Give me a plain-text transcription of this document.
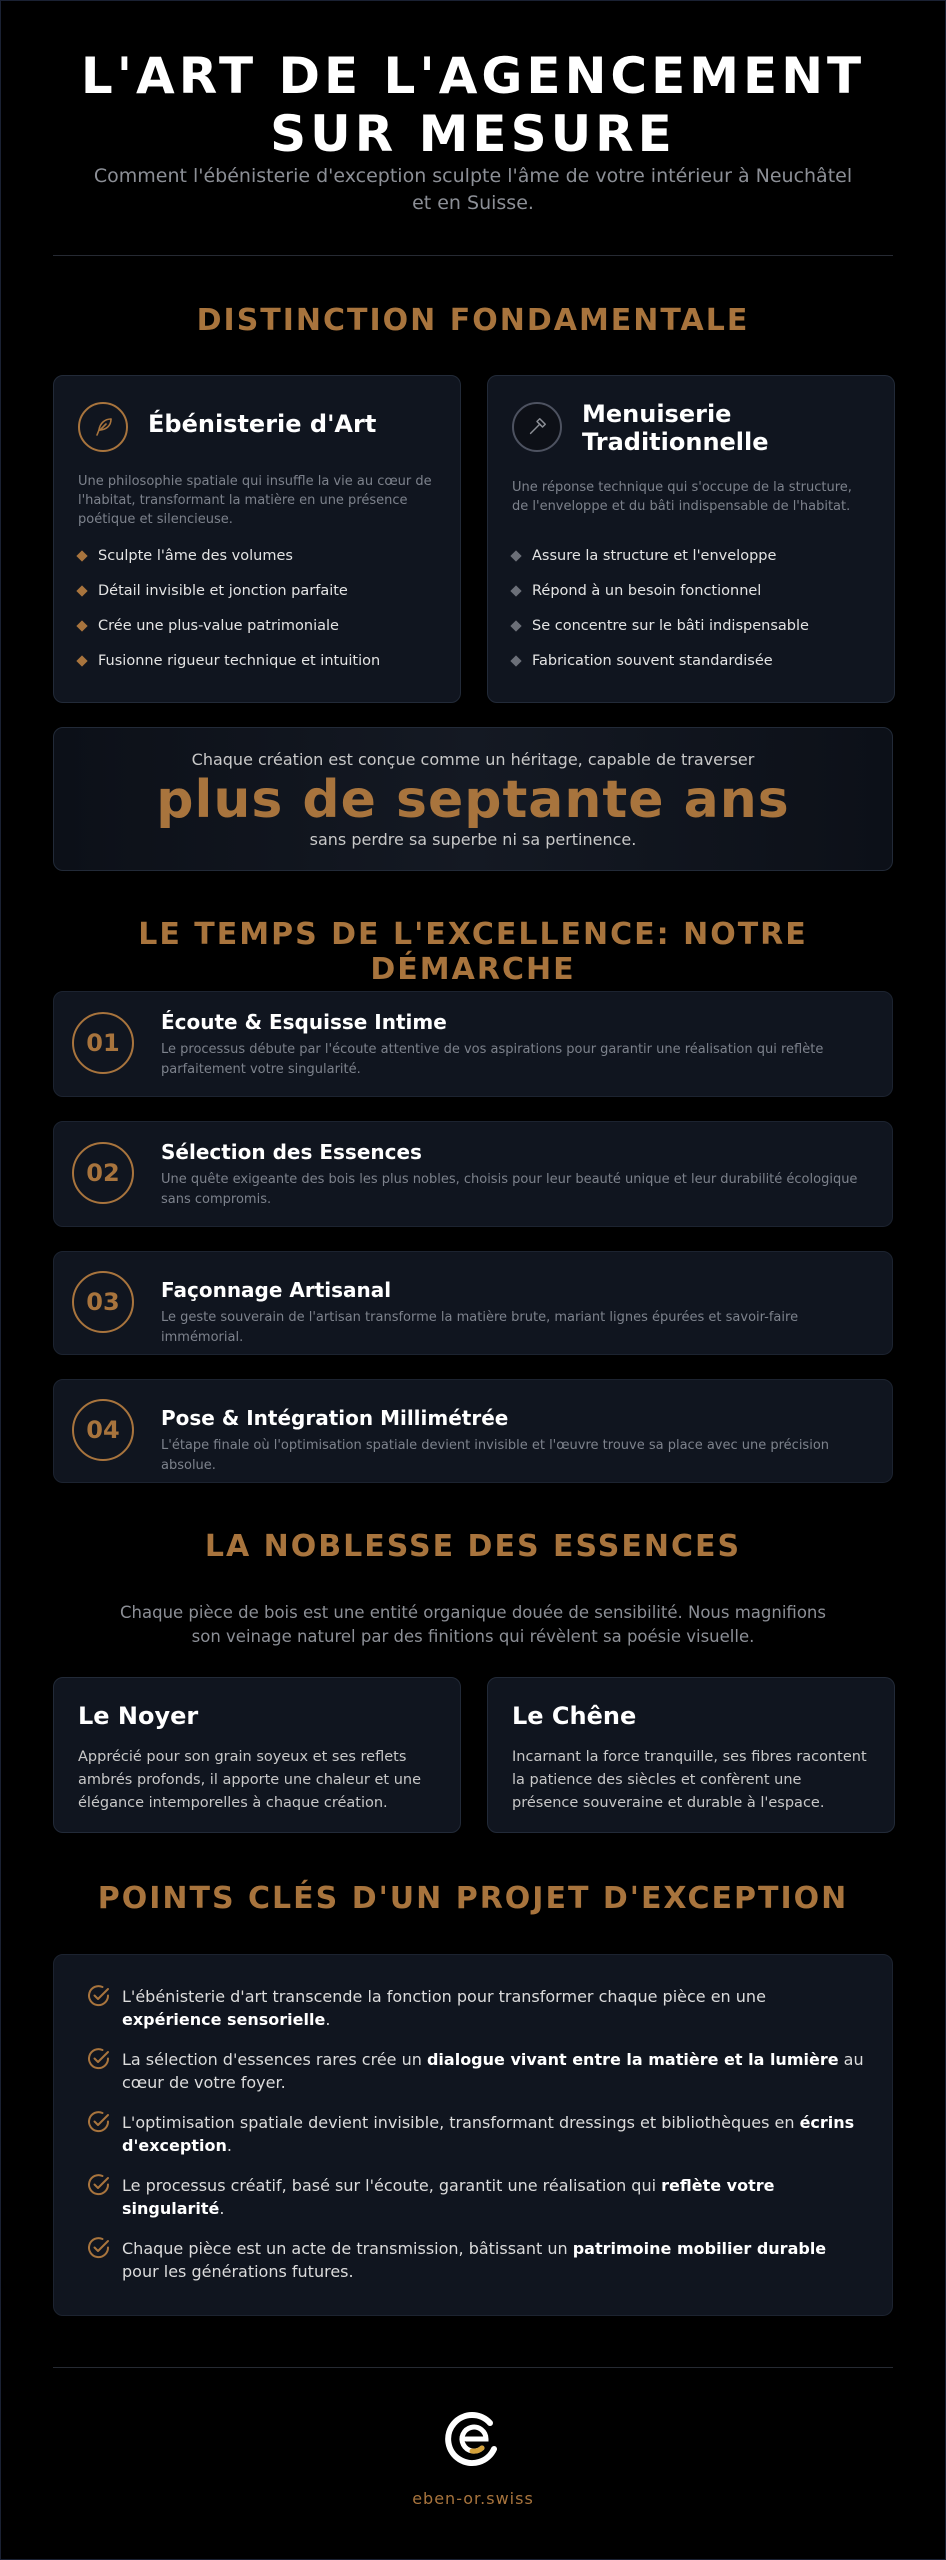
L'ART DE L'AGENCEMENT
SUR MESURE
Comment l'ébénisterie d'exception sculpte l'âme de votre intérieur à Neuchâtel et en Suisse.
DISTINCTION FONDAMENTALE
Ébénisterie d'Art
Une philosophie spatiale qui insuffle la vie au cœur de l'habitat, transformant la matière en une présence poétique et silencieuse.
Sculpte l'âme des volumes
Détail invisible et jonction parfaite
Crée une plus-value patrimoniale
Fusionne rigueur technique et intuition
Menuiserie
Traditionnelle
Une réponse technique qui s'occupe de la structure, de l'enveloppe et du bâti indispensable de l'habitat.
Assure la structure et l'enveloppe
Répond à un besoin fonctionnel
Se concentre sur le bâti indispensable
Fabrication souvent standardisée
Chaque création est conçue comme un héritage, capable de traverser
plus de septante ans
sans perdre sa superbe ni sa pertinence.
LE TEMPS DE L'EXCELLENCE: NOTRE DÉMARCHE
01
Écoute & Esquisse Intime
Le processus débute par l'écoute attentive de vos aspirations pour garantir une réalisation qui reflète parfaitement votre singularité.
02
Sélection des Essences
Une quête exigeante des bois les plus nobles, choisis pour leur beauté unique et leur durabilité écologique sans compromis.
03	Façonnage Artisanal
Le geste souverain de l'artisan transforme la matière brute, mariant lignes épurées et savoir-faire immémorial.
04	Pose & Intégration Millimétrée
L'étape finale où l'optimisation spatiale devient invisible et l'œuvre trouve sa place avec une précision absolue.
LA NOBLESSE DES ESSENCES
Chaque pièce de bois est une entité organique douée de sensibilité. Nous magnifions son veinage naturel par des finitions qui révèlent sa poésie visuelle.
Le Noyer

Apprécié pour son grain soyeux et ses reflets ambrés profonds, il apporte une chaleur et une élégance intemporelles à chaque création.

Le Chêne

Incarnant la force tranquille, ses fibres racontent la patience des siècles et confèrent une présence souveraine et durable à l'espace.

POINTS CLÉS D'UN PROJET D'EXCEPTION
L'ébénisterie d'art transcende la fonction pour transformer chaque pièce en une expérience sensorielle.
La sélection d'essences rares crée un dialogue vivant entre la matière et la lumière au cœur de votre foyer.
L'optimisation spatiale devient invisible, transformant dressings et bibliothèques en écrins d'exception.
Le processus créatif, basé sur l'écoute, garantit une réalisation qui reflète votre singularité.
Chaque pièce est un acte de transmission, bâtissant un patrimoine mobilier durable pour les générations futures.
eben-or.swiss
